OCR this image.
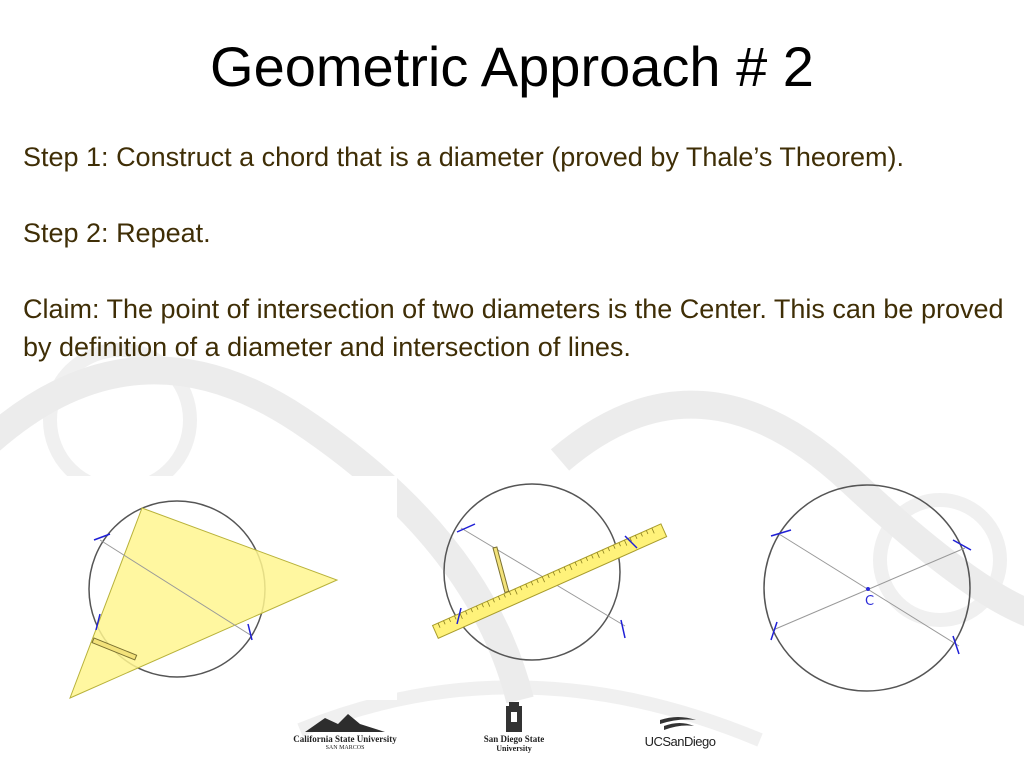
Geometric Approach # 2

Step 1: Construct a chord that is a diameter (proved by Thale’s Theorem).

Step 2: Repeat.

Claim: The point of intersection of two diameters is the Center. This can be proved by definition of a diameter and intersection of lines.

C
California State University
SAN MARCOS
San Diego State
University	UCSanDiego
